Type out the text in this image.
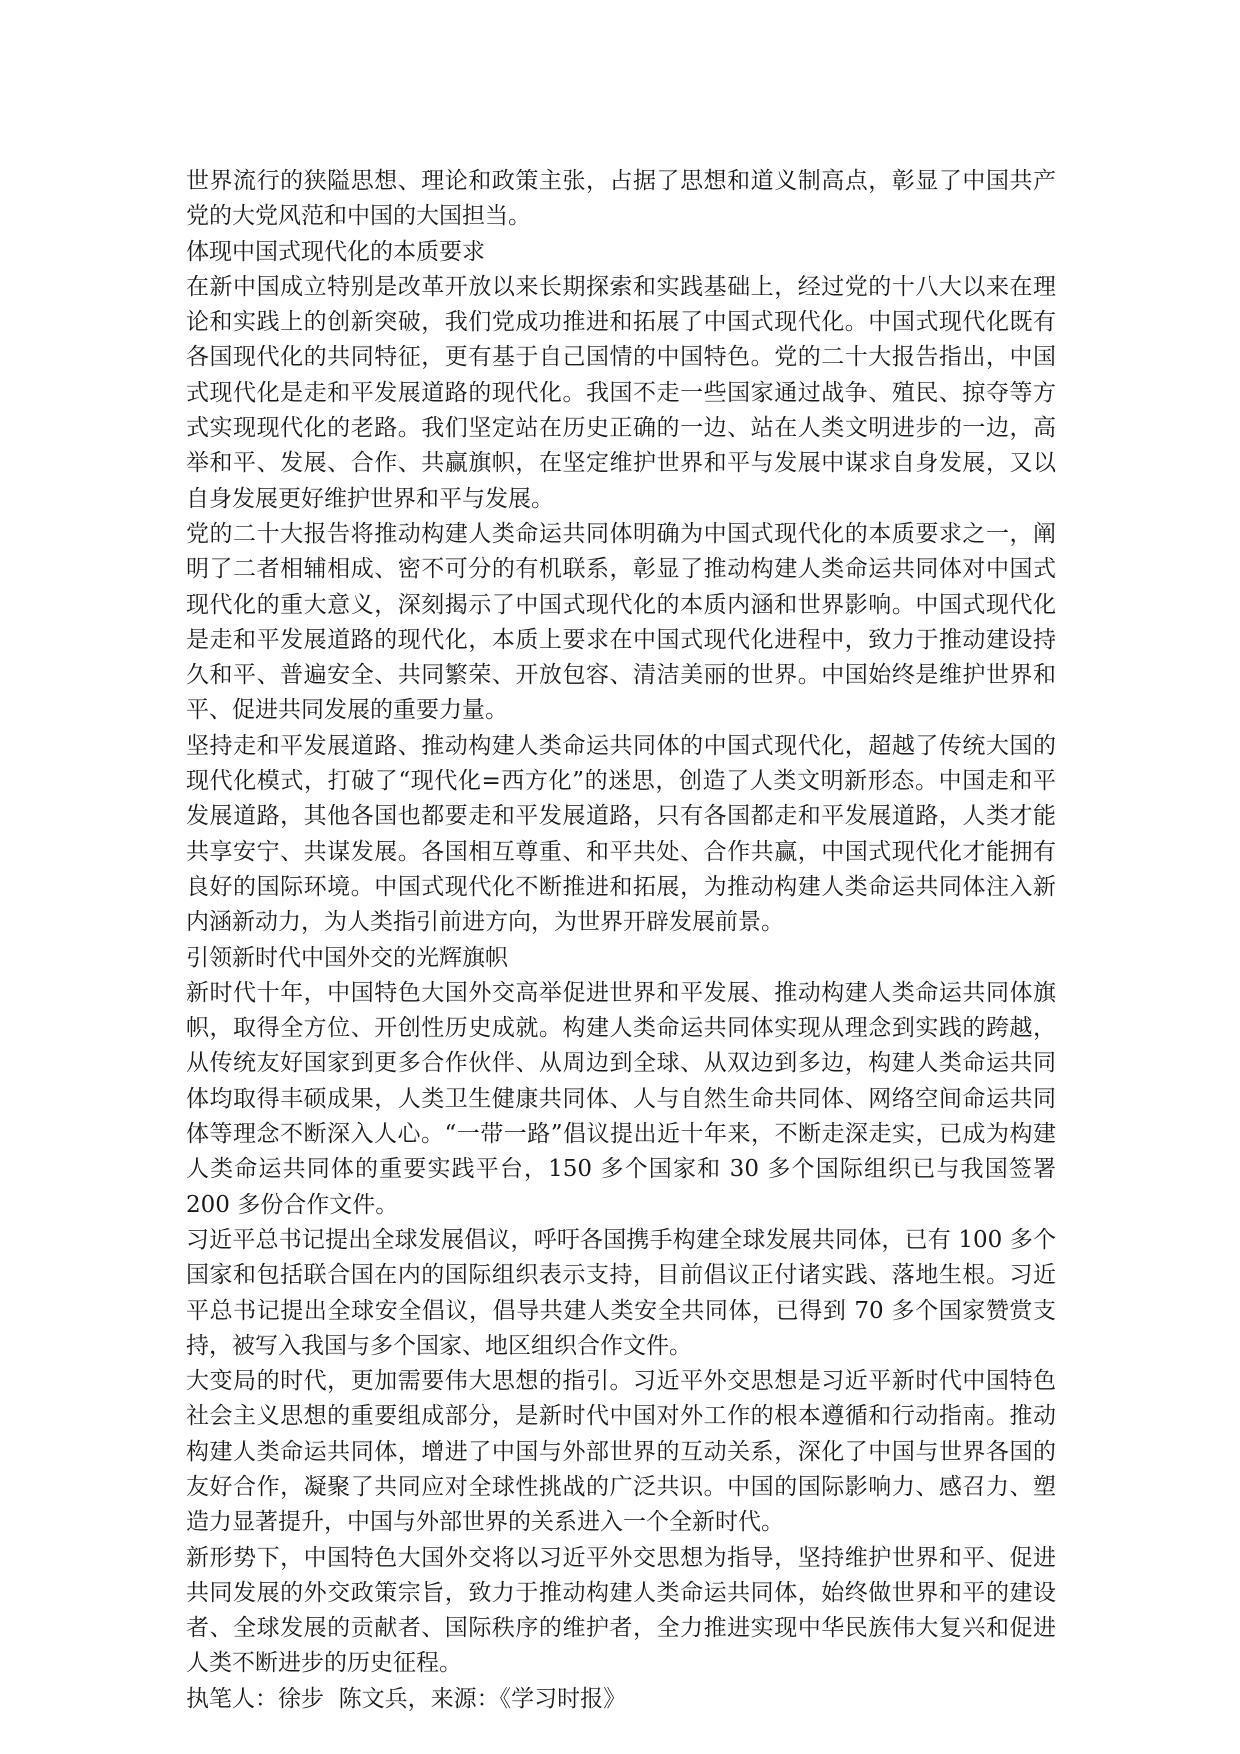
世界流行的狭隘思想、理论和政策主张，占据了思想和道义制高点，彰显了中国共产党的大党风范和中国的大国担当。

体现中国式现代化的本质要求

在新中国成立特别是改革开放以来长期探索和实践基础上，经过党的十八大以来在理论和实践上的创新突破，我们党成功推进和拓展了中国式现代化。中国式现代化既有各国现代化的共同特征，更有基于自己国情的中国特色。党的二十大报告指出，中国式现代化是走和平发展道路的现代化。我国不走一些国家通过战争、殖民、掠夺等方式实现现代化的老路。我们坚定站在历史正确的一边、站在人类文明进步的一边，高举和平、发展、合作、共赢旗帜，在坚定维护世界和平与发展中谋求自身发展，又以自身发展更好维护世界和平与发展。

党的二十大报告将推动构建人类命运共同体明确为中国式现代化的本质要求之一，阐明了二者相辅相成、密不可分的有机联系，彰显了推动构建人类命运共同体对中国式现代化的重大意义，深刻揭示了中国式现代化的本质内涵和世界影响。中国式现代化是走和平发展道路的现代化，本质上要求在中国式现代化进程中，致力于推动建设持久和平、普遍安全、共同繁荣、开放包容、清洁美丽的世界。中国始终是维护世界和平、促进共同发展的重要力量。

坚持走和平发展道路、推动构建人类命运共同体的中国式现代化，超越了传统大国的现代化模式，打破了“现代化=西方化”的迷思，创造了人类文明新形态。中国走和平发展道路，其他各国也都要走和平发展道路，只有各国都走和平发展道路，人类才能共享安宁、共谋发展。各国相互尊重、和平共处、合作共赢，中国式现代化才能拥有良好的国际环境。中国式现代化不断推进和拓展，为推动构建人类命运共同体注入新内涵新动力，为人类指引前进方向，为世界开辟发展前景。

引领新时代中国外交的光辉旗帜

新时代十年，中国特色大国外交高举促进世界和平发展、推动构建人类命运共同体旗帜，取得全方位、开创性历史成就。构建人类命运共同体实现从理念到实践的跨越，从传统友好国家到更多合作伙伴、从周边到全球、从双边到多边，构建人类命运共同体均取得丰硕成果，人类卫生健康共同体、人与自然生命共同体、网络空间命运共同体等理念不断深入人心。“一带一路”倡议提出近十年来，不断走深走实，已成为构建人类命运共同体的重要实践平台，150 多个国家和 30 多个国际组织已与我国签署 200 多份合作文件。

习近平总书记提出全球发展倡议，呼吁各国携手构建全球发展共同体，已有 100 多个国家和包括联合国在内的国际组织表示支持，目前倡议正付诸实践、落地生根。习近平总书记提出全球安全倡议，倡导共建人类安全共同体，已得到 70 多个国家赞赏支持，被写入我国与多个国家、地区组织合作文件。

大变局的时代，更加需要伟大思想的指引。习近平外交思想是习近平新时代中国特色社会主义思想的重要组成部分，是新时代中国对外工作的根本遵循和行动指南。推动构建人类命运共同体，增进了中国与外部世界的互动关系，深化了中国与世界各国的友好合作，凝聚了共同应对全球性挑战的广泛共识。中国的国际影响力、感召力、塑造力显著提升，中国与外部世界的关系进入一个全新时代。

新形势下，中国特色大国外交将以习近平外交思想为指导，坚持维护世界和平、促进共同发展的外交政策宗旨，致力于推动构建人类命运共同体，始终做世界和平的建设者、全球发展的贡献者、国际秩序的维护者，全力推进实现中华民族伟大复兴和促进人类不断进步的历史征程。

执笔人：徐步  陈文兵，来源：《学习时报》
